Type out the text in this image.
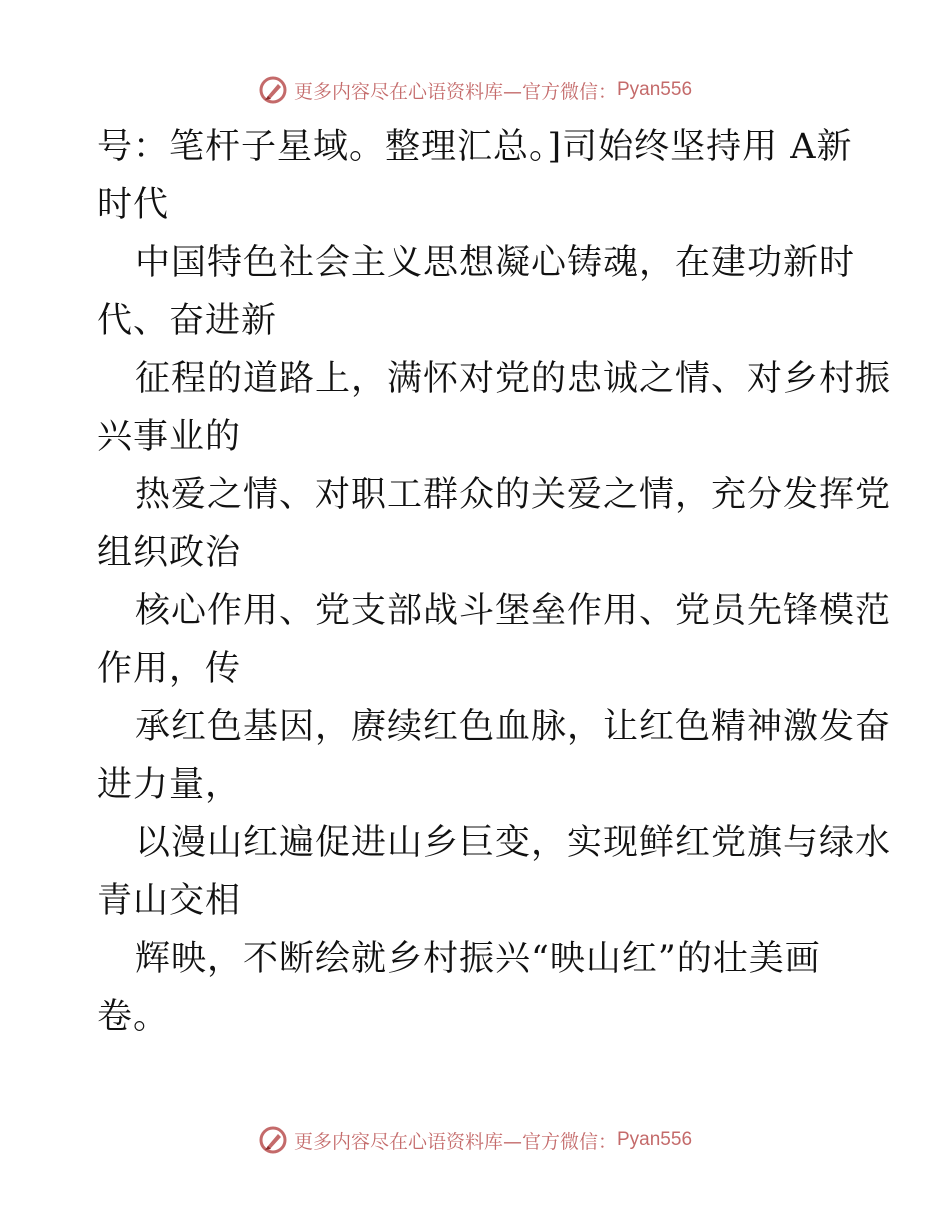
更多内容尽在心语资料库—官方微信： Pyan556
号：笔杆子星域。整理汇总。]司始终坚持用 A新
时代
中国特色社会主义思想凝心铸魂，在建功新时
代、奋进新
征程的道路上，满怀对党的忠诚之情、对乡村振
兴事业的
热爱之情、对职工群众的关爱之情，充分发挥党
组织政治
核心作用、党支部战斗堡垒作用、党员先锋模范
作用，传
承红色基因，赓续红色血脉，让红色精神激发奋
进力量，
以漫山红遍促进山乡巨变，实现鲜红党旗与绿水
青山交相
辉映，不断绘就乡村振兴“映山红”的壮美画
卷。
更多内容尽在心语资料库—官方微信： Pyan556
